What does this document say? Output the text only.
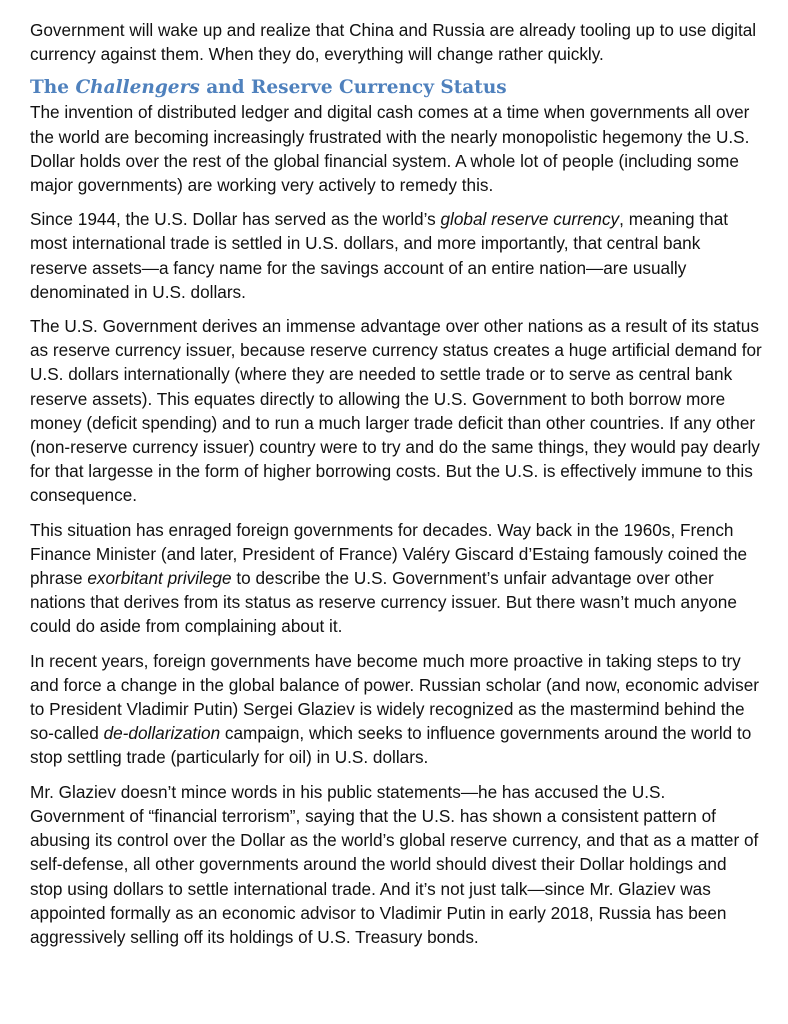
Government will wake up and realize that China and Russia are already tooling up to use digital currency against them. When they do, everything will change rather quickly.

The Challengers and Reserve Currency Status

The invention of distributed ledger and digital cash comes at a time when governments all over the world are becoming increasingly frustrated with the nearly monopolistic hegemony the U.S. Dollar holds over the rest of the global financial system. A whole lot of people (including some major governments) are working very actively to remedy this.

Since 1944, the U.S. Dollar has served as the world’s global reserve currency, meaning that most international trade is settled in U.S. dollars, and more importantly, that central bank reserve assets—a fancy name for the savings account of an entire nation—are usually denominated in U.S. dollars.

The U.S. Government derives an immense advantage over other nations as a result of its status as reserve currency issuer, because reserve currency status creates a huge artificial demand for U.S. dollars internationally (where they are needed to settle trade or to serve as central bank reserve assets). This equates directly to allowing the U.S. Government to both borrow more money (deficit spending) and to run a much larger trade deficit than other countries. If any other (non-reserve currency issuer) country were to try and do the same things, they would pay dearly for that largesse in the form of higher borrowing costs. But the U.S. is effectively immune to this consequence.

This situation has enraged foreign governments for decades. Way back in the 1960s, French Finance Minister (and later, President of France) Valéry Giscard d’Estaing famously coined the phrase exorbitant privilege to describe the U.S. Government’s unfair advantage over other nations that derives from its status as reserve currency issuer. But there wasn’t much anyone could do aside from complaining about it.

In recent years, foreign governments have become much more proactive in taking steps to try and force a change in the global balance of power. Russian scholar (and now, economic adviser to President Vladimir Putin) Sergei Glaziev is widely recognized as the mastermind behind the so-called de-dollarization campaign, which seeks to influence governments around the world to stop settling trade (particularly for oil) in U.S. dollars.

Mr. Glaziev doesn’t mince words in his public statements—he has accused the U.S. Government of “financial terrorism”, saying that the U.S. has shown a consistent pattern of abusing its control over the Dollar as the world’s global reserve currency, and that as a matter of self-defense, all other governments around the world should divest their Dollar holdings and stop using dollars to settle international trade. And it’s not just talk—since Mr. Glaziev was appointed formally as an economic advisor to Vladimir Putin in early 2018, Russia has been aggressively selling off its holdings of U.S. Treasury bonds.
